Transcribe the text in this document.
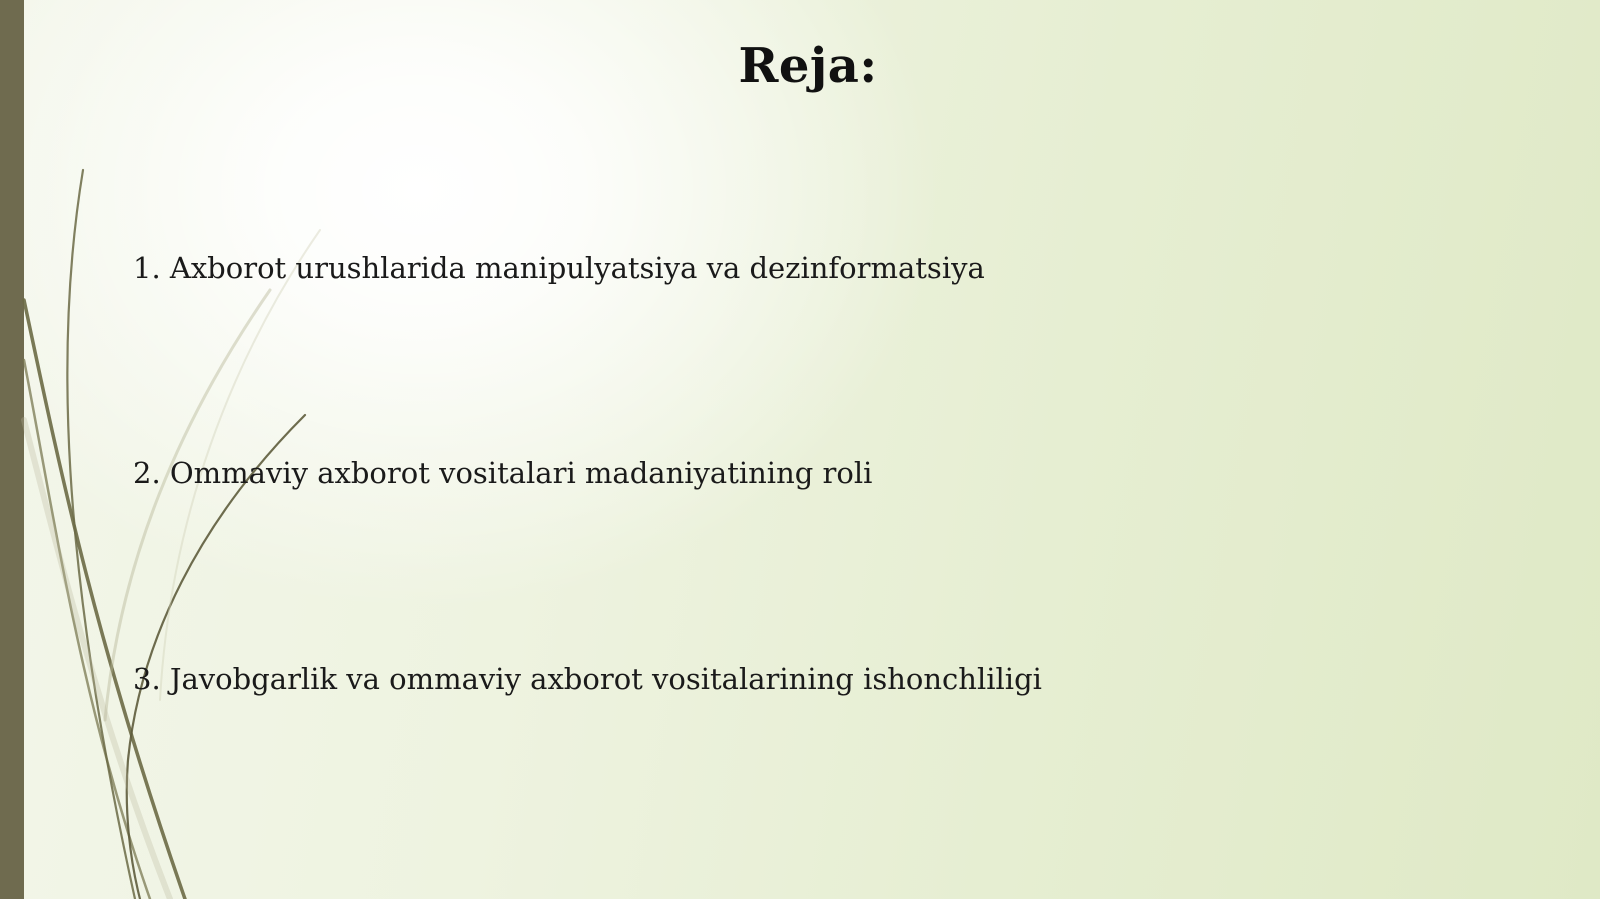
Reja:
1. Axborot urushlarida manipulyatsiya va dezinformatsiya
2. Ommaviy axborot vositalari madaniyatining roli
3. Javobgarlik va ommaviy axborot vositalarining ishonchliligi
